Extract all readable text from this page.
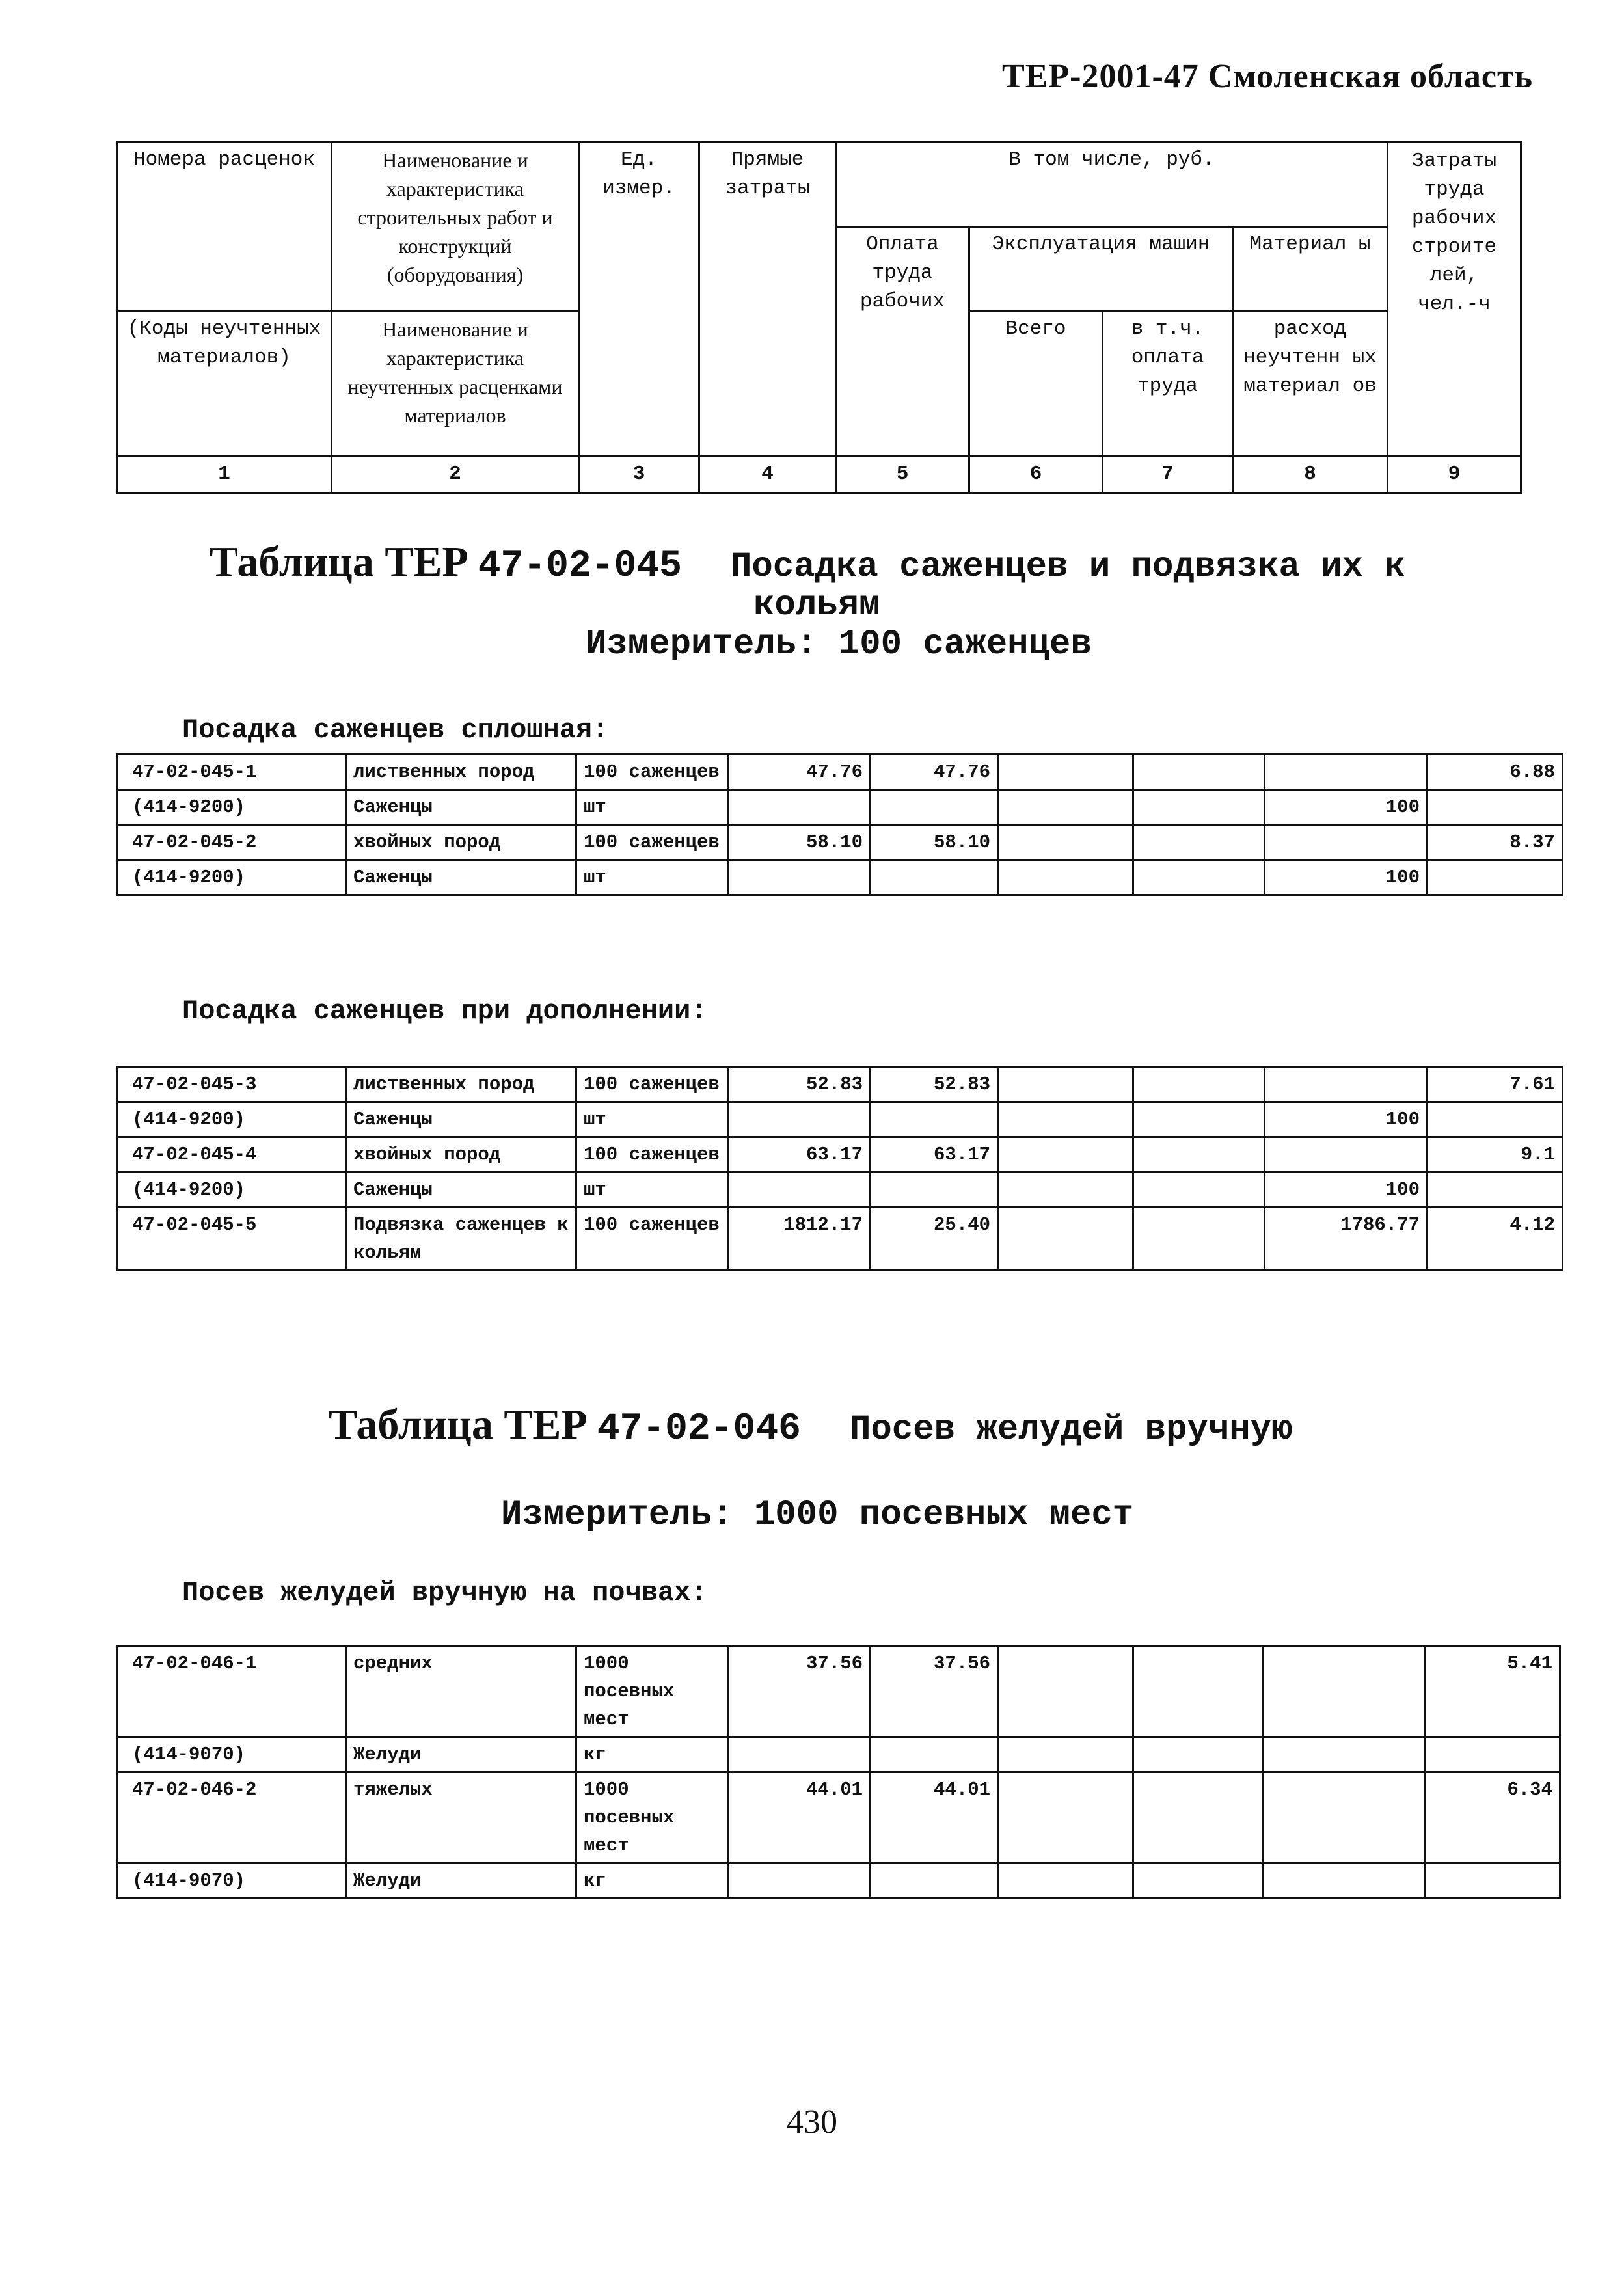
ТЕР-2001-47 Смоленская область
Номера расценок	Наименование и характеристика строительных работ и конструкций (оборудования)	Ед. измер.	Прямые затраты	В том числе, руб.				Затраты труда рабочих строите лей, чел.-ч
				Оплата труда рабочих	Эксплуатация машин		Материал ы	
(Коды неучтенных материалов)	Наименование и характеристика неучтенных расценками материалов				Всего	в т.ч. оплата труда	расход неучтенн ых материал ов	
1	2	3	4	5	6	7	8	9
Таблица ТЕР 47-02-045 Посадка саженцев и подвязка их к
кольям
Измеритель: 100 саженцев
Посадка саженцев сплошная:
47-02-045-1	лиственных пород	100 саженцев	47.76	47.76				6.88
(414-9200)	Саженцы	шт					100	
47-02-045-2	хвойных пород	100 саженцев	58.10	58.10				8.37
(414-9200)	Саженцы	шт					100	
Посадка саженцев при дополнении:
47-02-045-3	лиственных пород	100 саженцев	52.83	52.83				7.61
(414-9200)	Саженцы	шт					100	
47-02-045-4	хвойных пород	100 саженцев	63.17	63.17				9.1
(414-9200)	Саженцы	шт					100	
47-02-045-5	Подвязка саженцев к кольям	100 саженцев	1812.17	25.40			1786.77	4.12
Таблица ТЕР 47-02-046 Посев желудей вручную
Измеритель: 1000 посевных мест
Посев желудей вручную на почвах:
47-02-046-1	средних	1000 посевных мест	37.56	37.56				5.41
(414-9070)	Желуди	кг						
47-02-046-2	тяжелых	1000 посевных мест	44.01	44.01				6.34
(414-9070)	Желуди	кг						
430
